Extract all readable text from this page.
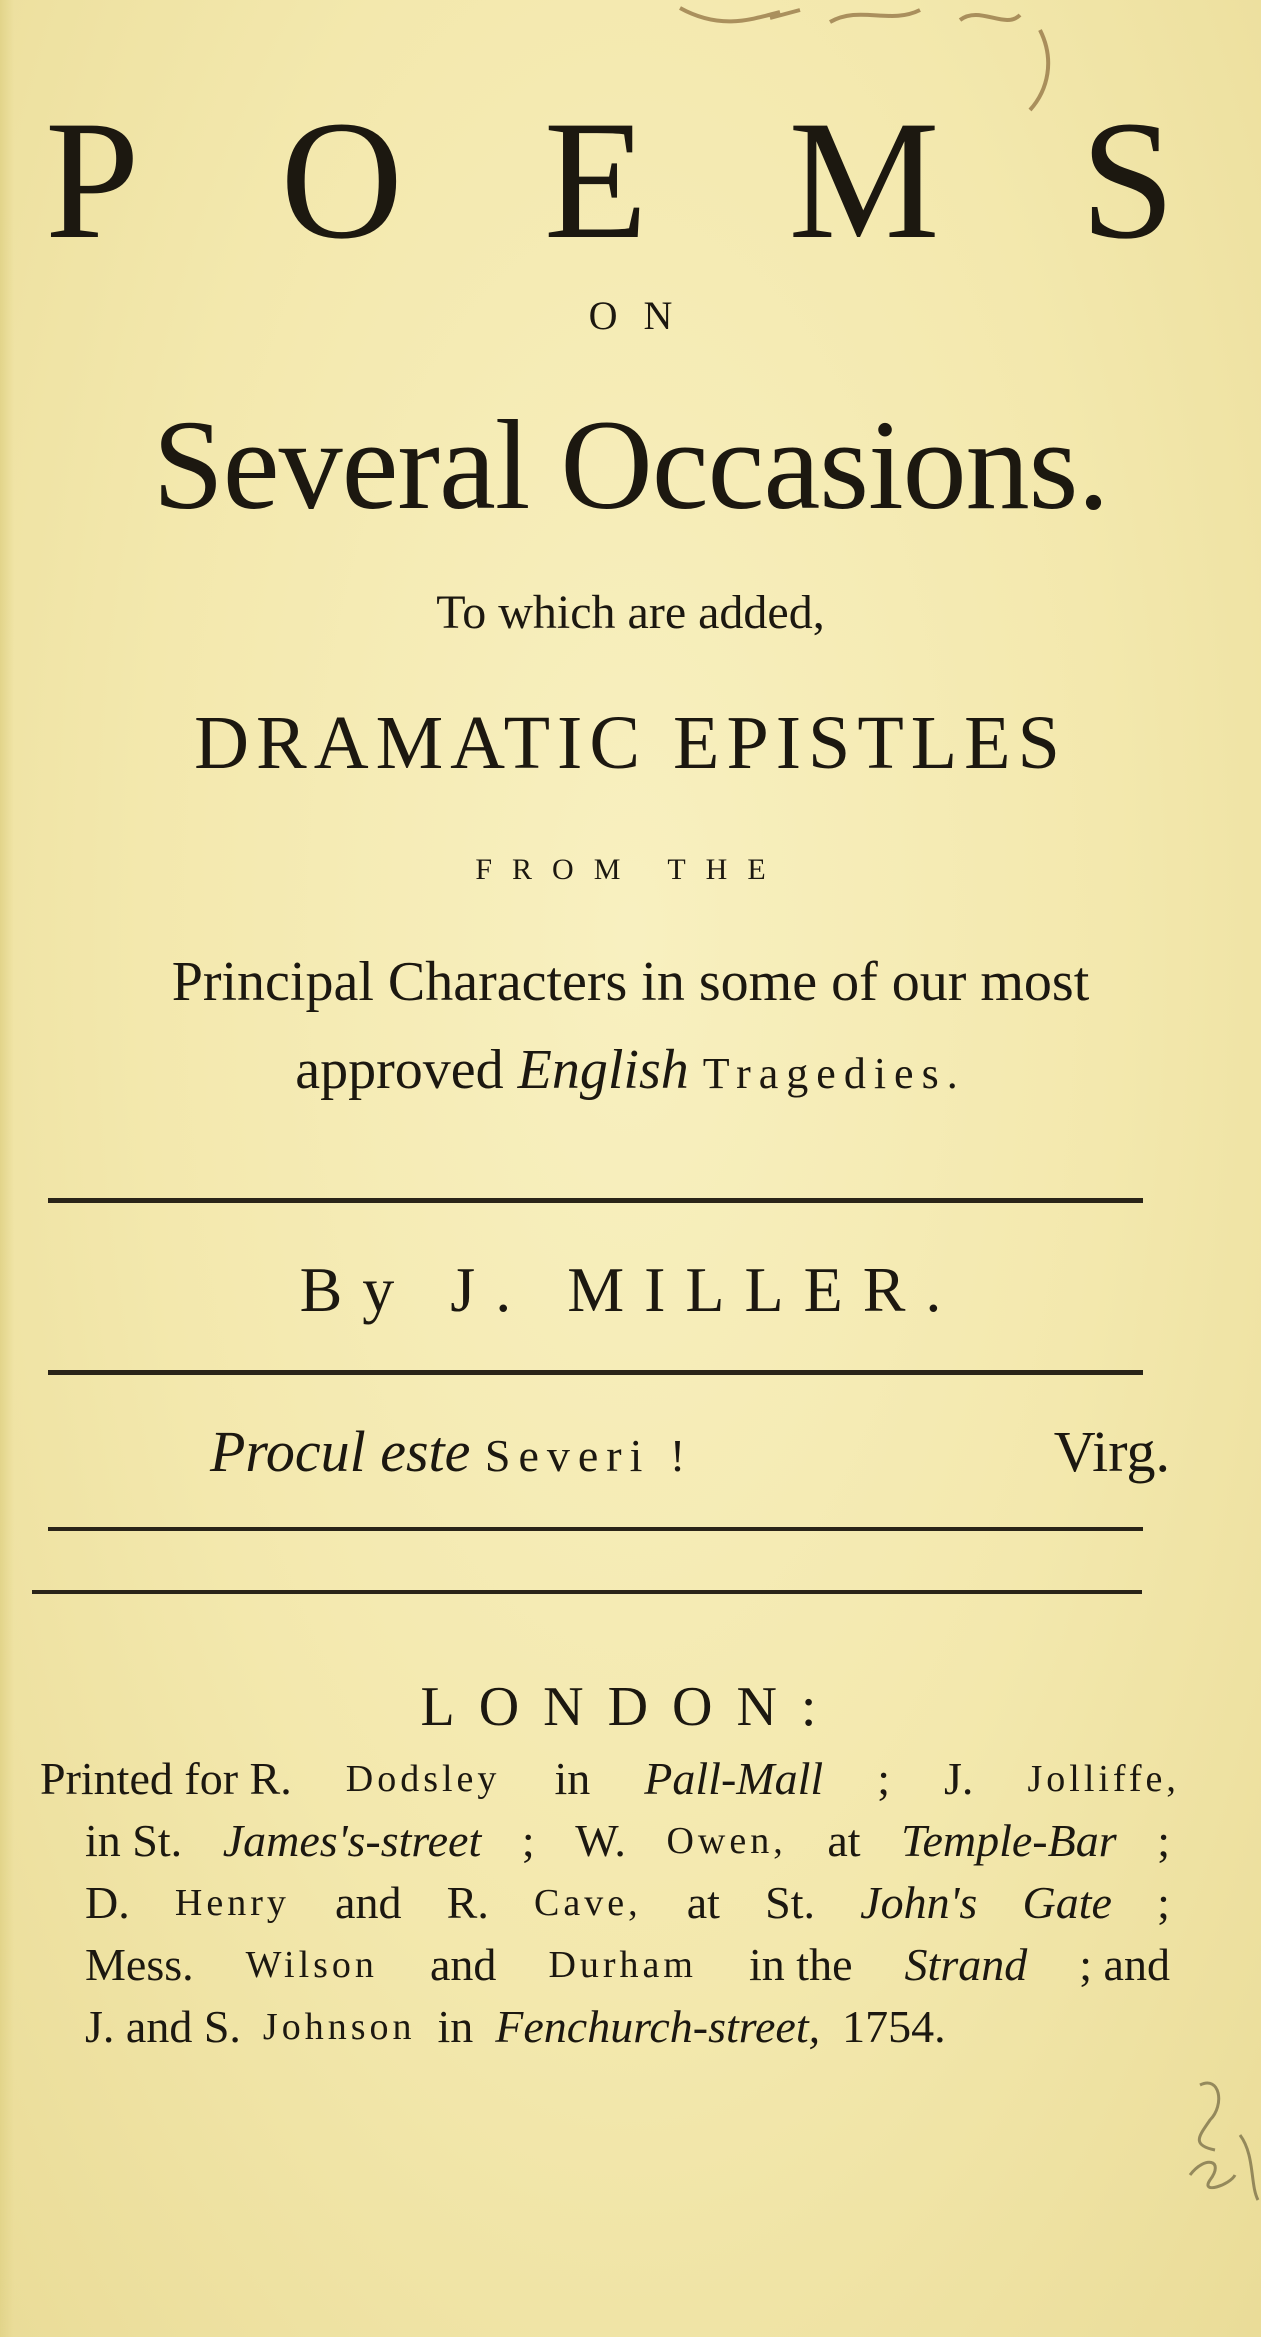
P O E M S
ON
Several Occasions.
To which are added,
DRAMATIC EPISTLES
FROM THE
Principal Characters in some of our most
approved English Tragedies.
By J. MILLER.
Procul este Severi !	Virg.
LONDON:
Printed for R. Dodsley in Pall-Mall ; J. Jolliffe,
in St. James's-street ; W. Owen, at Temple-Bar ;
D. Henry and R. Cave, at St. John's Gate ;
Mess. Wilson and Durham in the Strand ; and
J. and S. Johnson in Fenchurch-street, 1754.
